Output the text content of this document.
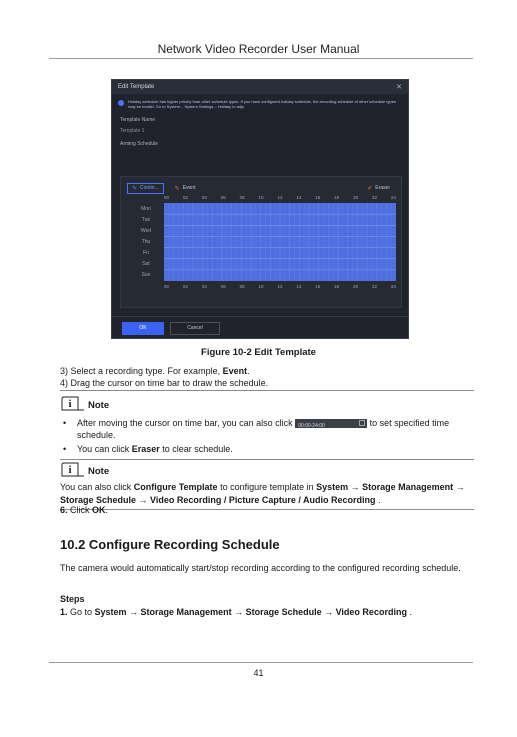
Network Video Recorder User Manual
Edit Template	✕
Holiday schedule has higher priority than other schedule types. If you have configured holiday schedule, the recording schedule of other schedule types may be invalid. Go to System – System Settings – Holiday to adju
Template Name
Template 1
Arming Schedule
✎ Contin...	✎ Event	✐ Eraser
OK	Cancel
00	02	04	06	08	10	12	14	16	18	20	22	24
Mon
Tue
Wed
Thu
Fri
Sat
Sun
00	02	04	06	08	10	12	14	16	18	20	22	24
Figure 10-2 Edit Template
3) Select a recording type. For example, Event.
4) Drag the cursor on time bar to draw the schedule.
i Note
•	After moving the cursor on time bar, you can also click 00:00-24:00	to set specified time schedule.
•	You can click Eraser to clear schedule.
i Note
You can also click Configure Template to configure template in System → Storage Management → Storage Schedule → Video Recording / Picture Capture / Audio Recording .
6. Click OK.
10.2 Configure Recording Schedule
The camera would automatically start/stop recording according to the configured recording schedule.
Steps
1. Go to System → Storage Management → Storage Schedule → Video Recording .
41
